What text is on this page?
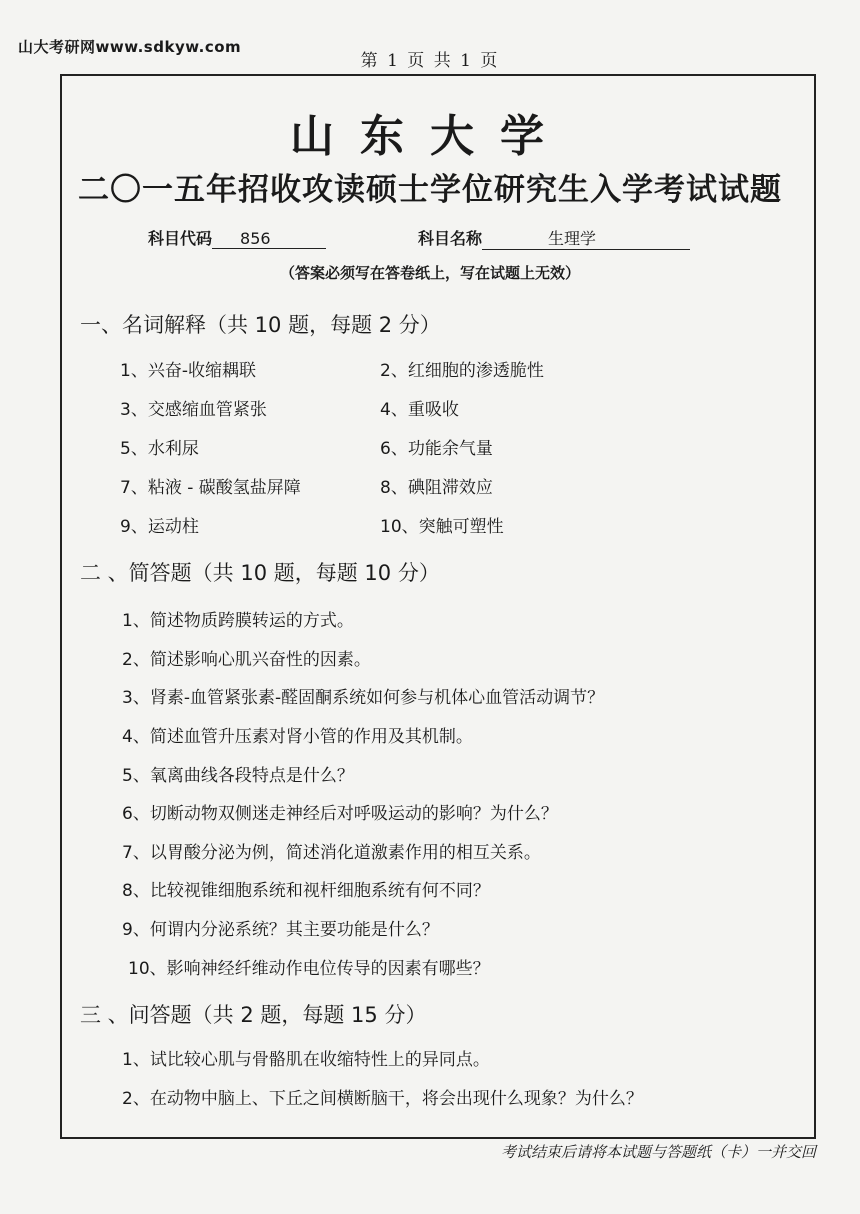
山大考研网www.sdkyw.com
第 1 页 共 1 页
山东大学
二〇一五年招收攻读硕士学位研究生入学考试试题
科目代码 856	科目名称	生理学
（答案必须写在答卷纸上，写在试题上无效）
一、名词解释（共 10 题，每题 2 分）
1、兴奋-收缩耦联	2、红细胞的渗透脆性
3、交感缩血管紧张	4、重吸收
5、水利尿	6、功能余气量
7、粘液 - 碳酸氢盐屏障	8、碘阻滞效应
9、运动柱	10、突触可塑性
二 、简答题（共 10 题，每题 10 分）
1、简述物质跨膜转运的方式。
2、简述影响心肌兴奋性的因素。
3、肾素-血管紧张素-醛固酮系统如何参与机体心血管活动调节？
4、简述血管升压素对肾小管的作用及其机制。
5、氧离曲线各段特点是什么？
6、切断动物双侧迷走神经后对呼吸运动的影响？为什么？
7、以胃酸分泌为例，简述消化道激素作用的相互关系。
8、比较视锥细胞系统和视杆细胞系统有何不同？
9、何谓内分泌系统？其主要功能是什么？
10、影响神经纤维动作电位传导的因素有哪些？
三 、问答题（共 2 题，每题 15 分）
1、试比较心肌与骨骼肌在收缩特性上的异同点。
2、在动物中脑上、下丘之间横断脑干，将会出现什么现象？为什么？
考试结束后请将本试题与答题纸（卡）一并交回
